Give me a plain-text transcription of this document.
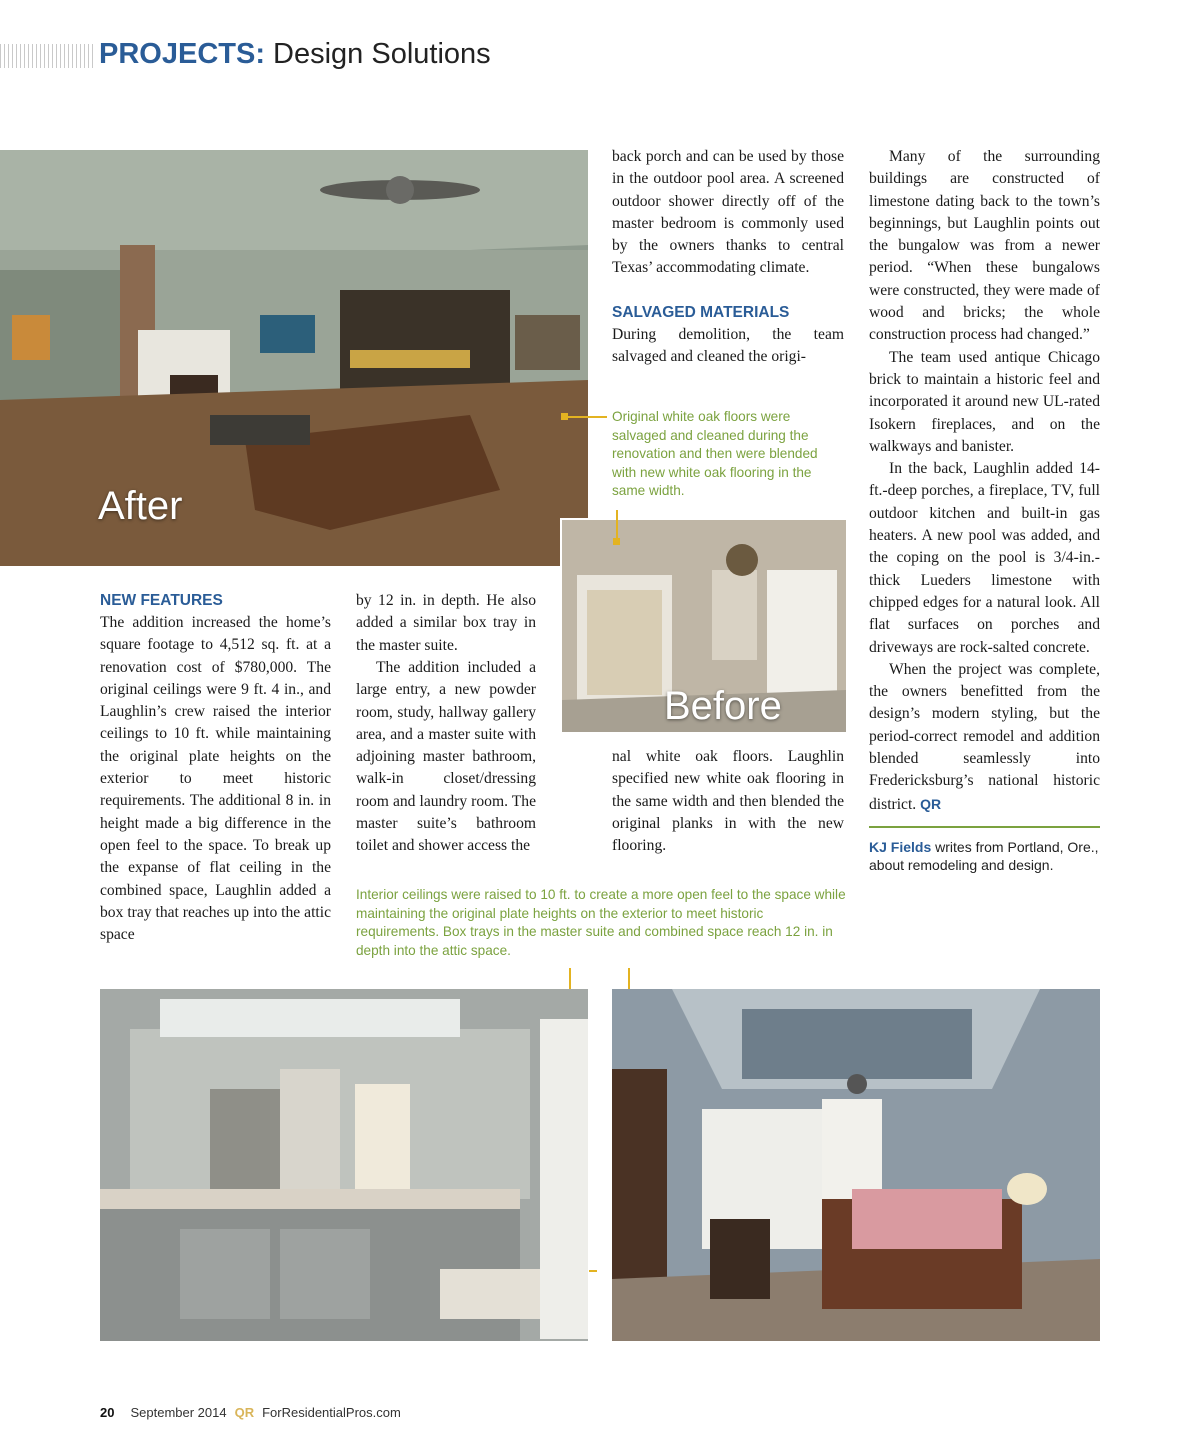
PROJECTS: Design Solutions
After
Before
Original white oak floors were salvaged and cleaned during the renovation and then were blended with new white oak flooring in the same width.
NEW FEATURES

The addition increased the home’s square footage to 4,512 sq. ft. at a renovation cost of $780,000. The original ceilings were 9 ft. 4 in., and Laughlin’s crew raised the interior ceilings to 10 ft. while maintaining the original plate heights on the exterior to meet historic requirements. The additional 8 in. in height made a big difference in the open feel to the space. To break up the expanse of flat ceiling in the combined space, Laughlin added a box tray that reaches up into the attic space

by 12 in. in depth. He also added a similar box tray in the master suite.

The addition included a large entry, a new powder room, study, hallway gallery area, and a master suite with adjoining master bathroom, walk-in closet/dressing room and laundry room. The master suite’s bathroom toilet and shower access the

back porch and can be used by those in the outdoor pool area. A screened outdoor shower directly off of the master bedroom is commonly used by the owners thanks to central Texas’ accommodating climate.

SALVAGED MATERIALS

During demolition, the team salvaged and cleaned the origi-

nal white oak floors. Laughlin specified new white oak flooring in the same width and then blended the original planks in with the new flooring.

Many of the surrounding buildings are constructed of limestone dating back to the town’s beginnings, but Laughlin points out the bungalow was from a newer period. “When these bungalows were constructed, they were made of wood and bricks; the whole construction process had changed.”

The team used antique Chicago brick to maintain a historic feel and incorporated it around new UL-rated Isokern fireplaces, and on the walkways and banister.

In the back, Laughlin added 14-ft.-deep porches, a fireplace, TV, full outdoor kitchen and built-in gas heaters. A new pool was added, and the coping on the pool is 3/4-in.-thick Lueders limestone with chipped edges for a natural look. All flat surfaces on porches and driveways are rock-salted concrete.

When the project was complete, the owners benefitted from the design’s modern styling, but the period-correct remodel and addition blended seamlessly into Fredericksburg’s national historic district. QR

KJ Fields writes from Portland, Ore., about remodeling and design.
Interior ceilings were raised to 10 ft. to create a more open feel to the space while maintaining the original plate heights on the exterior to meet historic requirements. Box trays in the master suite and combined space reach 12 in. in depth into the attic space.
20 September 2014 QR ForResidentialPros.com
